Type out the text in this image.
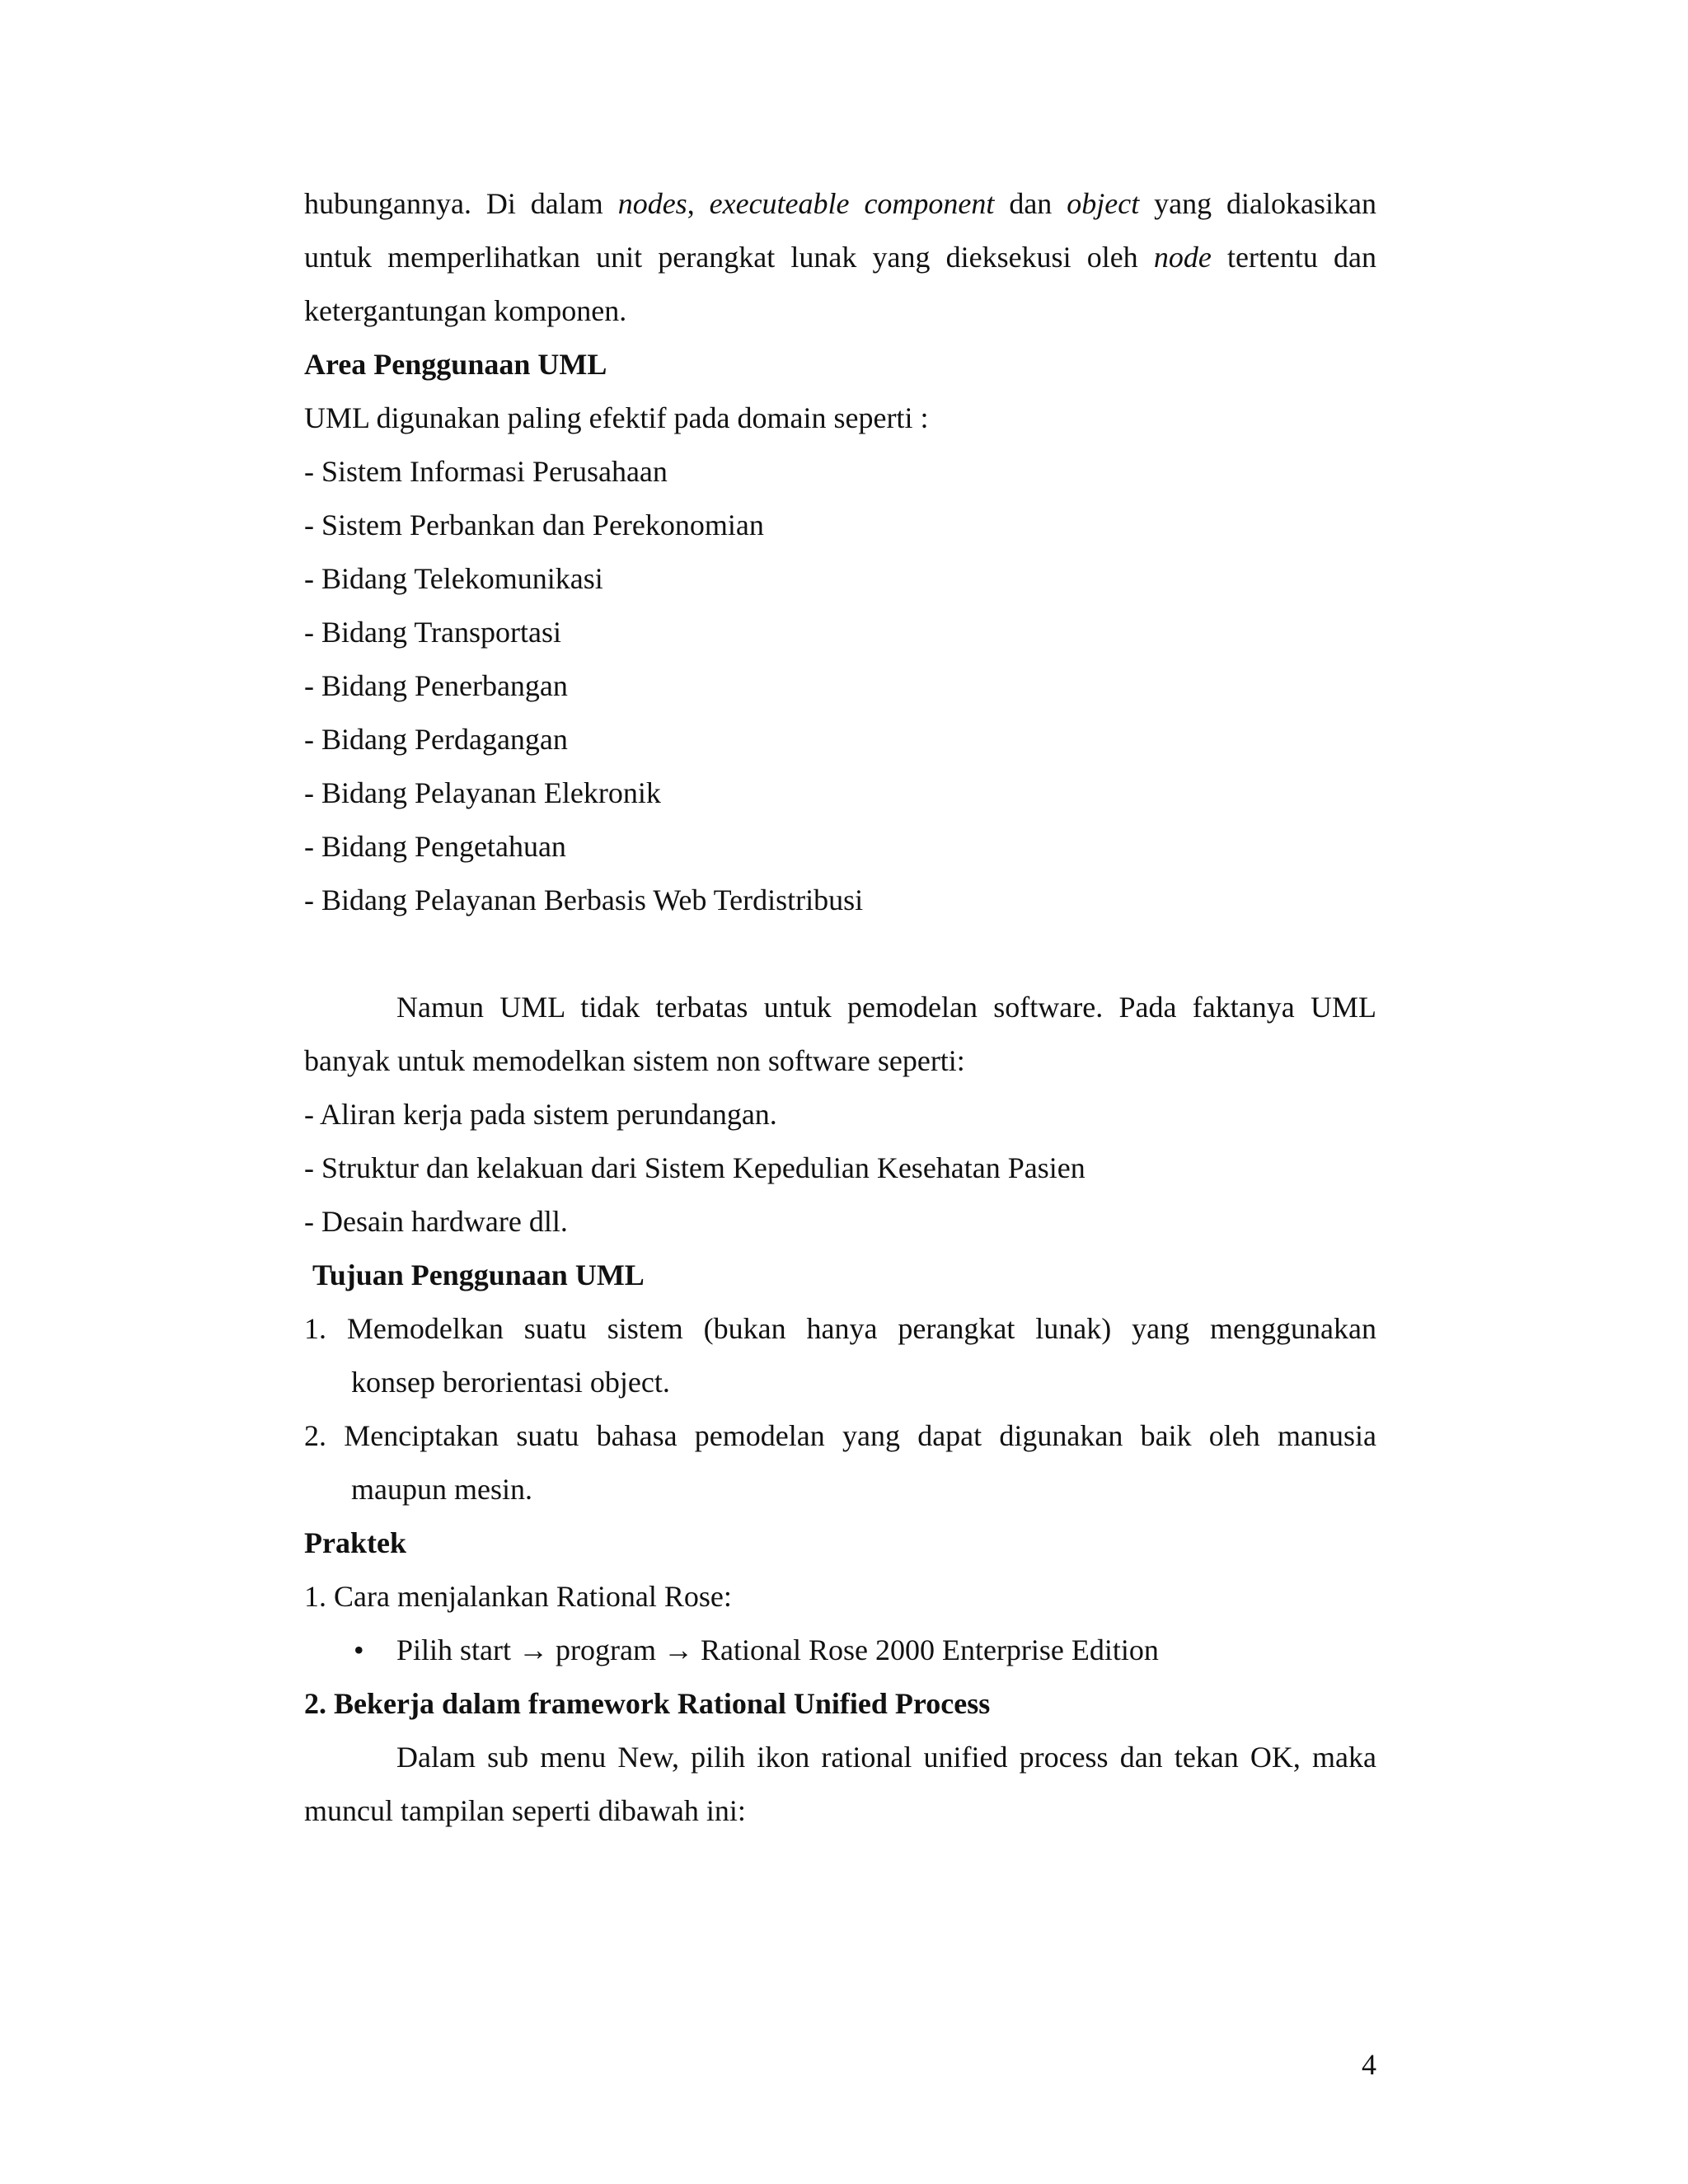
hubungannya. Di dalam nodes, executeable component dan object yang dialokasikan
untuk memperlihatkan unit perangkat lunak yang dieksekusi oleh node tertentu dan
ketergantungan komponen.
Area Penggunaan UML
UML digunakan paling efektif pada domain seperti :
- Sistem Informasi Perusahaan
- Sistem Perbankan dan Perekonomian
- Bidang Telekomunikasi
- Bidang Transportasi
- Bidang Penerbangan
- Bidang Perdagangan
- Bidang Pelayanan Elekronik
- Bidang Pengetahuan
- Bidang Pelayanan Berbasis Web Terdistribusi
Namun UML tidak terbatas untuk pemodelan software. Pada faktanya UML
banyak untuk memodelkan sistem non software seperti:
- Aliran kerja pada sistem perundangan.
- Struktur dan kelakuan dari Sistem Kepedulian Kesehatan Pasien
- Desain hardware dll.
Tujuan Penggunaan UML
1. Memodelkan suatu sistem (bukan hanya perangkat lunak) yang menggunakan
konsep berorientasi object.
2. Menciptakan suatu bahasa pemodelan yang dapat digunakan baik oleh manusia
maupun mesin.
Praktek
1. Cara menjalankan Rational Rose:
• Pilih start → program → Rational Rose 2000 Enterprise Edition
2. Bekerja dalam framework Rational Unified Process
Dalam sub menu New, pilih ikon rational unified process dan tekan OK, maka
muncul tampilan seperti dibawah ini:
4
